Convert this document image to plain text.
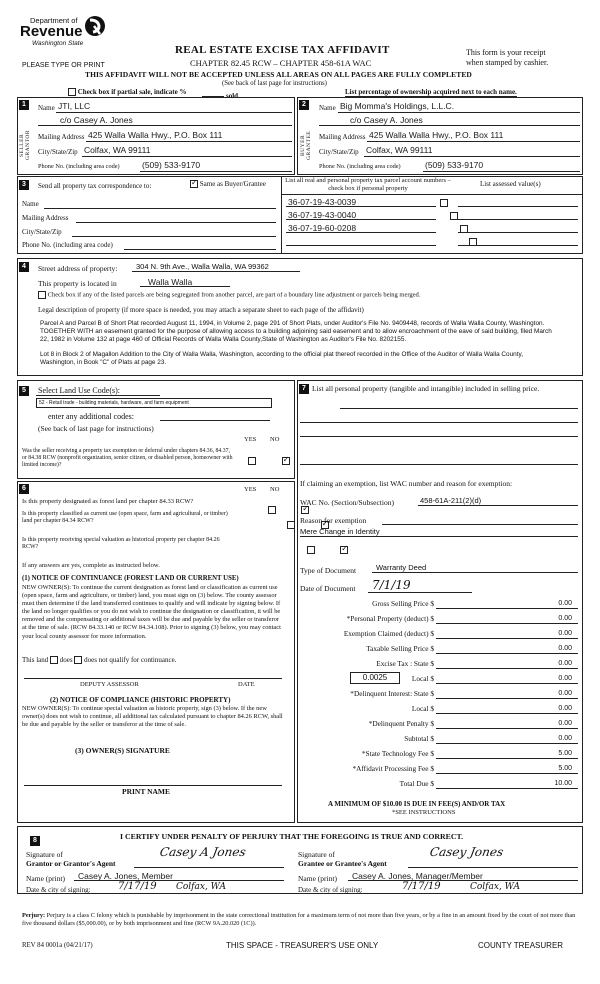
Department of
Revenue
Washington State
PLEASE TYPE OR PRINT
REAL ESTATE EXCISE TAX AFFIDAVIT
CHAPTER 82.45 RCW – CHAPTER 458-61A WAC
This form is your receipt
when stamped by cashier.
THIS AFFIDAVIT WILL NOT BE ACCEPTED UNLESS ALL AREAS ON ALL PAGES ARE FULLY COMPLETED
(See back of last page for instructions)
Check box if partial sale, indicate %	sold.	List percentage of ownership acquired next to each name.
1	2
SELLER GRANTOR	BUYER GRANTEE
Name JTI, LLC
c/o Casey A. Jones
Mailing Address 425 Walla Walla Hwy., P.O. Box 111
City/State/Zip Colfax, WA 99111
Phone No. (including area code)	(509) 533-9170
Name Big Momma's Holdings, L.L.C.
c/o Casey A. Jones
Mailing Address 425 Walla Walla Hwy., P.O. Box 111
City/State/Zip Colfax, WA 99111
Phone No. (including area code)	(509) 533-9170
3	Send all property tax correspondence to: ✓	Same as Buyer/Grantee
Name
Mailing Address
City/State/Zip
Phone No. (including area code)
List all real and personal property tax parcel account numbers – check box if personal property
List assessed value(s)
36-07-19-43-0039

36-07-19-43-0040

36-07-19-60-0208

4	Street address of property: 304 N. 9th Ave., Walla Walla, WA 99362
This property is located in	Walla Walla
Check box if any of the listed parcels are being segregated from another parcel, are part of a boundary line adjustment or parcels being merged.
Legal description of property (if more space is needed, you may attach a separate sheet to each page of the affidavit)
Parcel A and Parcel B of Short Plat recorded August 11, 1994, in Volume 2, page 291 of Short Plats, under Auditor's File No. 9409448, records of Walla Walla County, Washington. TOGETHER WITH an easement granted for the purpose of allowing access to a building adjoining said easement and to allow encroachment of the eave of said building, filed March 22, 1982 in Volume 132 at page 460 of Official Records of Walla Walla County,State of Washington as Auditor's File No. 8202155.
Lot 8 in Block 2 of Magallon Addition to the City of Walla Walla, Washington, according to the official plat thereof recorded in the Office of the Auditor of Walla Walla County, Washington, in Book "C" of Plats at page 23.
5	Select Land Use Code(s):
52 - Retail trade - building materials, hardware, and farm equipment
enter any additional codes:
(See back of last page for instructions)
YES NO
Was the seller receiving a property tax exemption or deferral under chapters 84.36, 84.37, or 84.38 RCW (nonprofit organization, senior citizen, or disabled person, homeowner with limited income)?
✓
6	YES NO
Is this property designated as forest land per chapter 84.33 RCW?
✓
Is this property classified as current use (open space, farm and agricultural, or timber) land per chapter 84.34 RCW?
✓
Is this property receiving special valuation as historical property per chapter 84.26 RCW?
✓
If any answers are yes, complete as instructed below.
(1) NOTICE OF CONTINUANCE (FOREST LAND OR CURRENT USE)
NEW OWNER(S): To continue the current designation as forest land or classification as current use (open space, farm and agriculture, or timber) land, you must sign on (3) below. The county assessor must then determine if the land transferred continues to qualify and will indicate by signing below. If the land no longer qualifies or you do not wish to continue the designation or classification, it will be removed and the compensating or additional taxes will be due and payable by the seller or transferor at the time of sale. (RCW 84.33.140 or RCW 84.34.108). Prior to signing (3) below, you may contact your local county assessor for more information.
This land does does not qualify for continuance.
DEPUTY ASSESSOR	DATE
(2) NOTICE OF COMPLIANCE (HISTORIC PROPERTY)
NEW OWNER(S): To continue special valuation as historic property, sign (3) below. If the new owner(s) does not wish to continue, all additional tax calculated pursuant to chapter 84.26 RCW, shall be due and payable by the seller or transferor at the time of sale.
(3) OWNER(S) SIGNATURE
PRINT NAME
7 List all personal property (tangible and intangible) included in selling price.
If claiming an exemption, list WAC number and reason for exemption:
WAC No. (Section/Subsection)	458-61A-211(2)(d)
Reason for exemption
Mere Change in Identity
Type of Document	Warranty Deed
Date of Document 7/1/19
Gross Selling Price $	0.00
*Personal Property (deduct) $	0.00
Exemption Claimed (deduct) $	0.00
Taxable Selling Price $	0.00
Excise Tax : State $	0.00
0.0025	Local $	0.00
*Delinquent Interest: State $	0.00
Local $	0.00
*Delinquent Penalty $	0.00
Subtotal $	0.00
*State Technology Fee $	5.00
*Affidavit Processing Fee $	5.00
Total Due $	10.00
A MINIMUM OF $10.00 IS DUE IN FEE(S) AND/OR TAX
*SEE INSTRUCTIONS
8	I CERTIFY UNDER PENALTY OF PERJURY THAT THE FOREGOING IS TRUE AND CORRECT.
Signature of
Grantor or Grantor's Agent
Casey A Jones
Name (print) Casey A. Jones, Member
Date & city of signing:	7/17/19 Colfax, WA
Signature of
Grantee or Grantee's Agent
Casey Jones
Name (print) Casey A. Jones, Manager/Member
Date & city of signing:	7/17/19	Colfax, WA
Perjury: Perjury is a class C felony which is punishable by imprisonment in the state correctional institution for a maximum term of not more than five years, or by a fine in an amount fixed by the court of not more than five thousand dollars ($5,000.00), or by both imprisonment and fine (RCW 9A.20.020 (1C)).
REV 84 0001a (04/21/17)	THIS SPACE - TREASURER'S USE ONLY	COUNTY TREASURER
